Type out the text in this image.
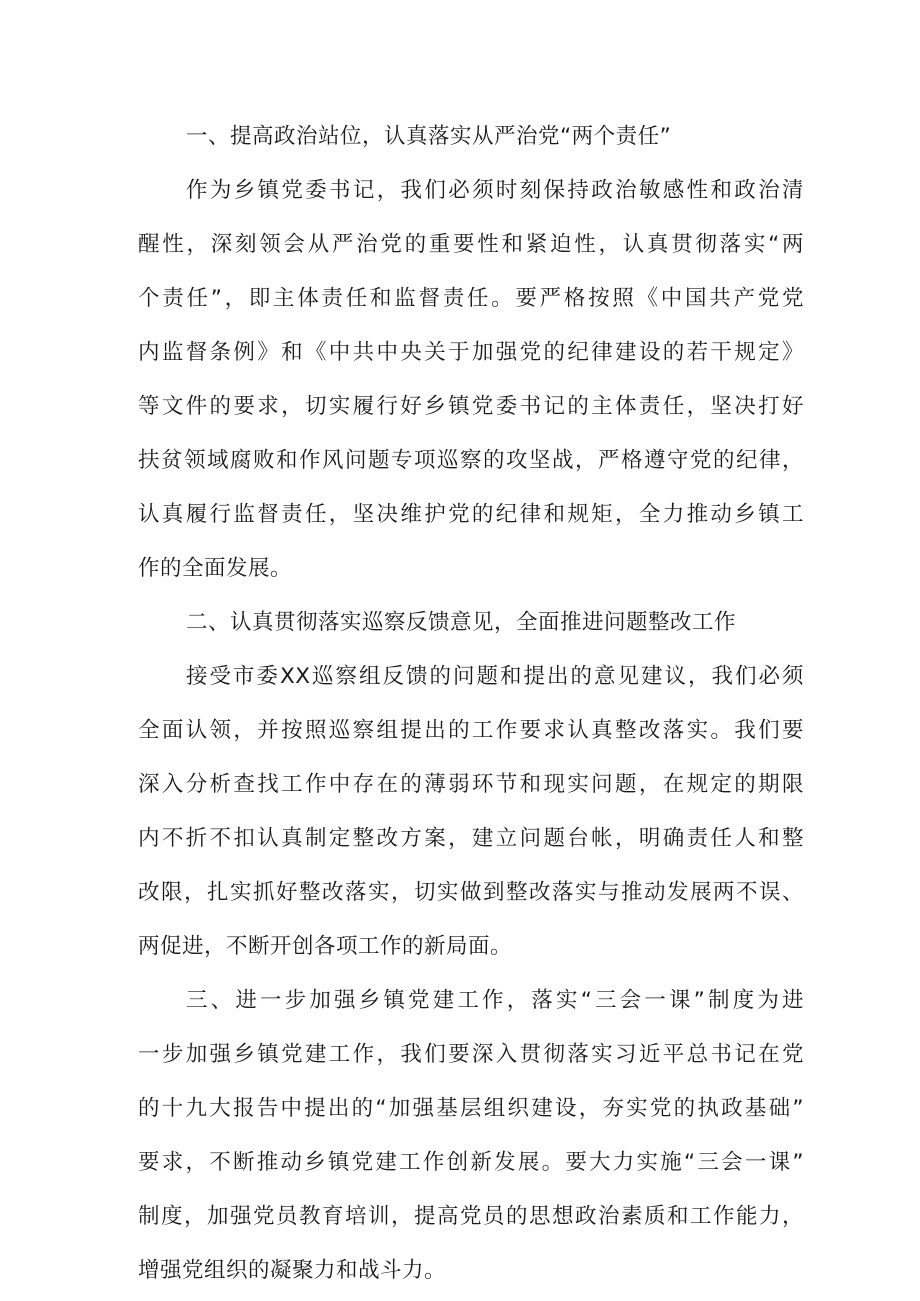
一、提高政治站位，认真落实从严治党“两个责任”
作为乡镇党委书记，我们必须时刻保持政治敏感性和政治清
醒性，深刻领会从严治党的重要性和紧迫性，认真贯彻落实“两
个责任”，即主体责任和监督责任。要严格按照《中国共产党党
内监督条例》和《中共中央关于加强党的纪律建设的若干规定》
等文件的要求，切实履行好乡镇党委书记的主体责任，坚决打好
扶贫领域腐败和作风问题专项巡察的攻坚战，严格遵守党的纪律，
认真履行监督责任，坚决维护党的纪律和规矩，全力推动乡镇工
作的全面发展。
二、认真贯彻落实巡察反馈意见，全面推进问题整改工作
接受市委XX巡察组反馈的问题和提出的意见建议，我们必须
全面认领，并按照巡察组提出的工作要求认真整改落实。我们要
深入分析查找工作中存在的薄弱环节和现实问题，在规定的期限
内不折不扣认真制定整改方案，建立问题台帐，明确责任人和整
改限，扎实抓好整改落实，切实做到整改落实与推动发展两不误、
两促进，不断开创各项工作的新局面。
三、进一步加强乡镇党建工作，落实“三会一课”制度为进
一步加强乡镇党建工作，我们要深入贯彻落实习近平总书记在党
的十九大报告中提出的“加强基层组织建设，夯实党的执政基础”
要求，不断推动乡镇党建工作创新发展。要大力实施“三会一课”
制度，加强党员教育培训，提高党员的思想政治素质和工作能力，
增强党组织的凝聚力和战斗力。
